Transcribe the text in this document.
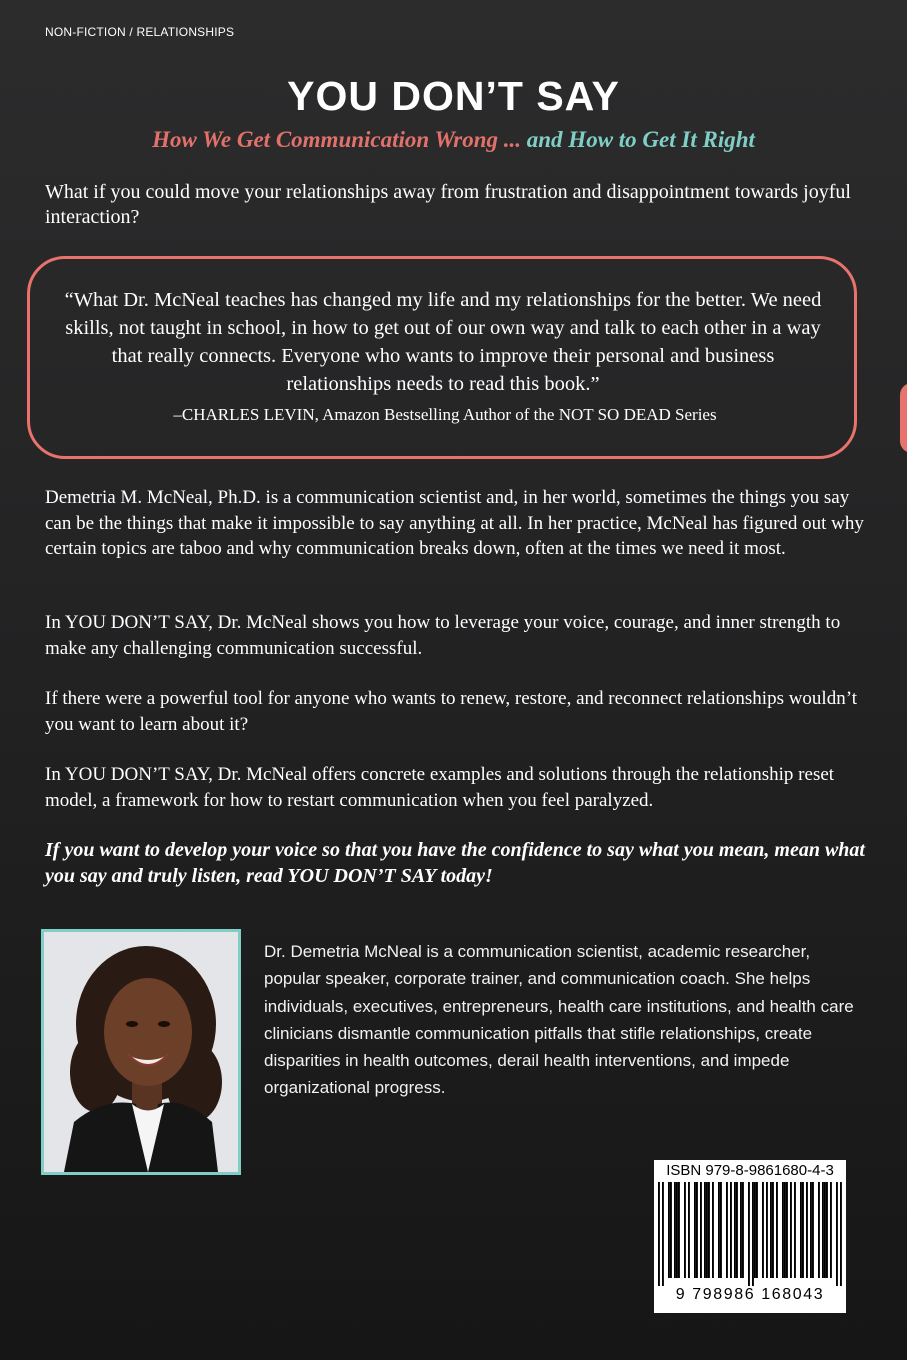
NON-FICTION / RELATIONSHIPS
YOU DON’T SAY
How We Get Communication Wrong ... and How to Get It Right
What if you could move your relationships away from frustration and disappointment towards joyful interaction?
“What Dr. McNeal teaches has changed my life and my relationships for the better. We need skills, not taught in school, in how to get out of our own way and talk to each other in a way that really connects. Everyone who wants to improve their personal and business relationships needs to read this book.”
–CHARLES LEVIN, Amazon Bestselling Author of the NOT SO DEAD Series

Demetria M. McNeal, Ph.D. is a communication scientist and, in her world, sometimes the things you say can be the things that make it impossible to say anything at all. In her practice, McNeal has figured out why certain topics are taboo and why communication breaks down, often at the times we need it most.

In YOU DON’T SAY, Dr. McNeal shows you how to leverage your voice, courage, and inner strength to make any challenging communication successful.

If there were a powerful tool for anyone who wants to renew, restore, and reconnect relationships wouldn’t you want to learn about it?

In YOU DON’T SAY, Dr. McNeal offers concrete examples and solutions through the relationship reset model, a framework for how to restart communication when you feel paralyzed.

If you want to develop your voice so that you have the confidence to say what you mean, mean what you say and truly listen, read YOU DON’T SAY today!

Dr. Demetria McNeal is a communication scientist, academic researcher, popular speaker, corporate trainer, and communication coach. She helps individuals, executives, entrepreneurs, health care institutions, and health care clinicians dismantle communication pitfalls that stifle relationships, create disparities in health outcomes, derail health interventions, and impede organizational progress.

ISBN 979-8-9861680-4-3
9 798986 168043
